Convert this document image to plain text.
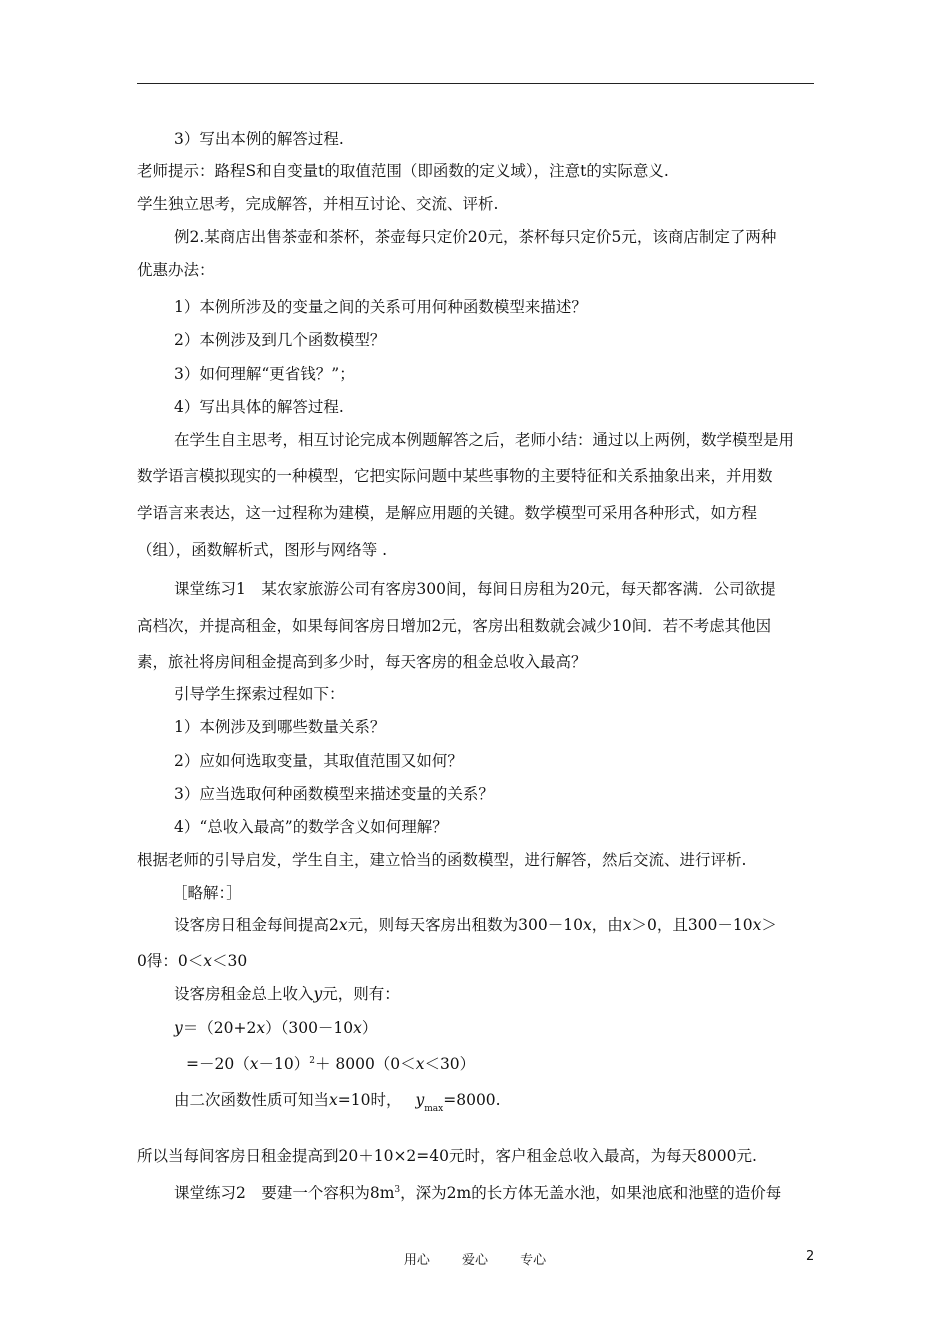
3）写出本例的解答过程.
老师提示：路程S和自变量t的取值范围（即函数的定义域），注意t的实际意义.
学生独立思考，完成解答，并相互讨论、交流、评析.
例2.某商店出售茶壶和茶杯，茶壶每只定价20元，茶杯每只定价5元，该商店制定了两种
优惠办法：
1）本例所涉及的变量之间的关系可用何种函数模型来描述？
2）本例涉及到几个函数模型？
3）如何理解“更省钱？”；
4）写出具体的解答过程.
在学生自主思考，相互讨论完成本例题解答之后，老师小结：通过以上两例，数学模型是用
数学语言模拟现实的一种模型，它把实际问题中某些事物的主要特征和关系抽象出来，并用数
学语言来表达，这一过程称为建模，是解应用题的关键。数学模型可采用各种形式，如方程
（组），函数解析式，图形与网络等 .
课堂练习1　某农家旅游公司有客房300间，每间日房租为20元，每天都客满．公司欲提
高档次，并提高租金，如果每间客房日增加2元，客房出租数就会减少10间．若不考虑其他因
素，旅社将房间租金提高到多少时，每天客房的租金总收入最高？
引导学生探索过程如下：
1）本例涉及到哪些数量关系？
2）应如何选取变量，其取值范围又如何？
3）应当选取何种函数模型来描述变量的关系？
4）“总收入最高”的数学含义如何理解？
根据老师的引导启发，学生自主，建立恰当的函数模型，进行解答，然后交流、进行评析.
［略解：］
设客房日租金每间提高2x元，则每天客房出租数为300－10x，由x＞0，且300－10x＞
0得：0＜x＜30
设客房租金总上收入y元，则有：
y＝（20+2x）（300－10x）
$=-20(x-10)^2+ 8000(0<x<30)$
由二次函数性质可知当x=10时， $y_{max}=8000$.
所以当每间客房日租金提高到20＋10×2=40元时，客户租金总收入最高，为每天8000元.
课堂练习2　要建一个容积为$8m^3$，深为2m的长方体无盖水池，如果池底和池壁的造价每
用心 爱心 专心	2
